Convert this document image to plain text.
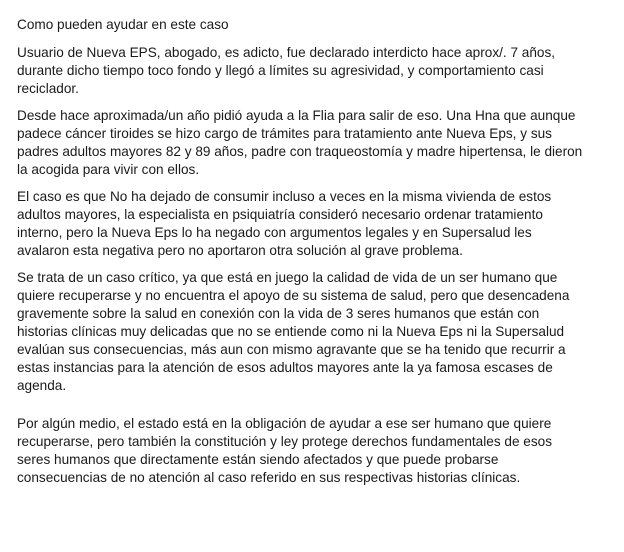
Como pueden ayudar en este caso
Usuario de Nueva EPS, abogado, es adicto, fue declarado interdicto hace aprox/. 7 años,
durante dicho tiempo toco fondo y llegó a límites su agresividad, y comportamiento casi
reciclador.
Desde hace aproximada/un año pidió ayuda a la Flia para salir de eso. Una Hna que aunque
padece cáncer tiroides se hizo cargo de trámites para tratamiento ante Nueva Eps, y sus
padres adultos mayores 82 y 89 años, padre con traqueostomía y madre hipertensa, le dieron
la acogida para vivir con ellos.
El caso es que No ha dejado de consumir incluso a veces en la misma vivienda de estos
adultos mayores, la especialista en psiquiatría consideró necesario ordenar tratamiento
interno, pero la Nueva Eps lo ha negado con argumentos legales y en Supersalud les
avalaron esta negativa pero no aportaron otra solución al grave problema.
Se trata de un caso crítico, ya que está en juego la calidad de vida de un ser humano que
quiere recuperarse y no encuentra el apoyo de su sistema de salud, pero que desencadena
gravemente sobre la salud en conexión con la vida de 3 seres humanos que están con
historias clínicas muy delicadas que no se entiende como ni la Nueva Eps ni la Supersalud
evalúan sus consecuencias, más aun con mismo agravante que se ha tenido que recurrir a
estas instancias para la atención de esos adultos mayores ante la ya famosa escases de
agenda.
Por algún medio, el estado está en la obligación de ayudar a ese ser humano que quiere
recuperarse, pero también la constitución y ley protege derechos fundamentales de esos
seres humanos que directamente están siendo afectados y que puede probarse
consecuencias de no atención al caso referido en sus respectivas historias clínicas.
